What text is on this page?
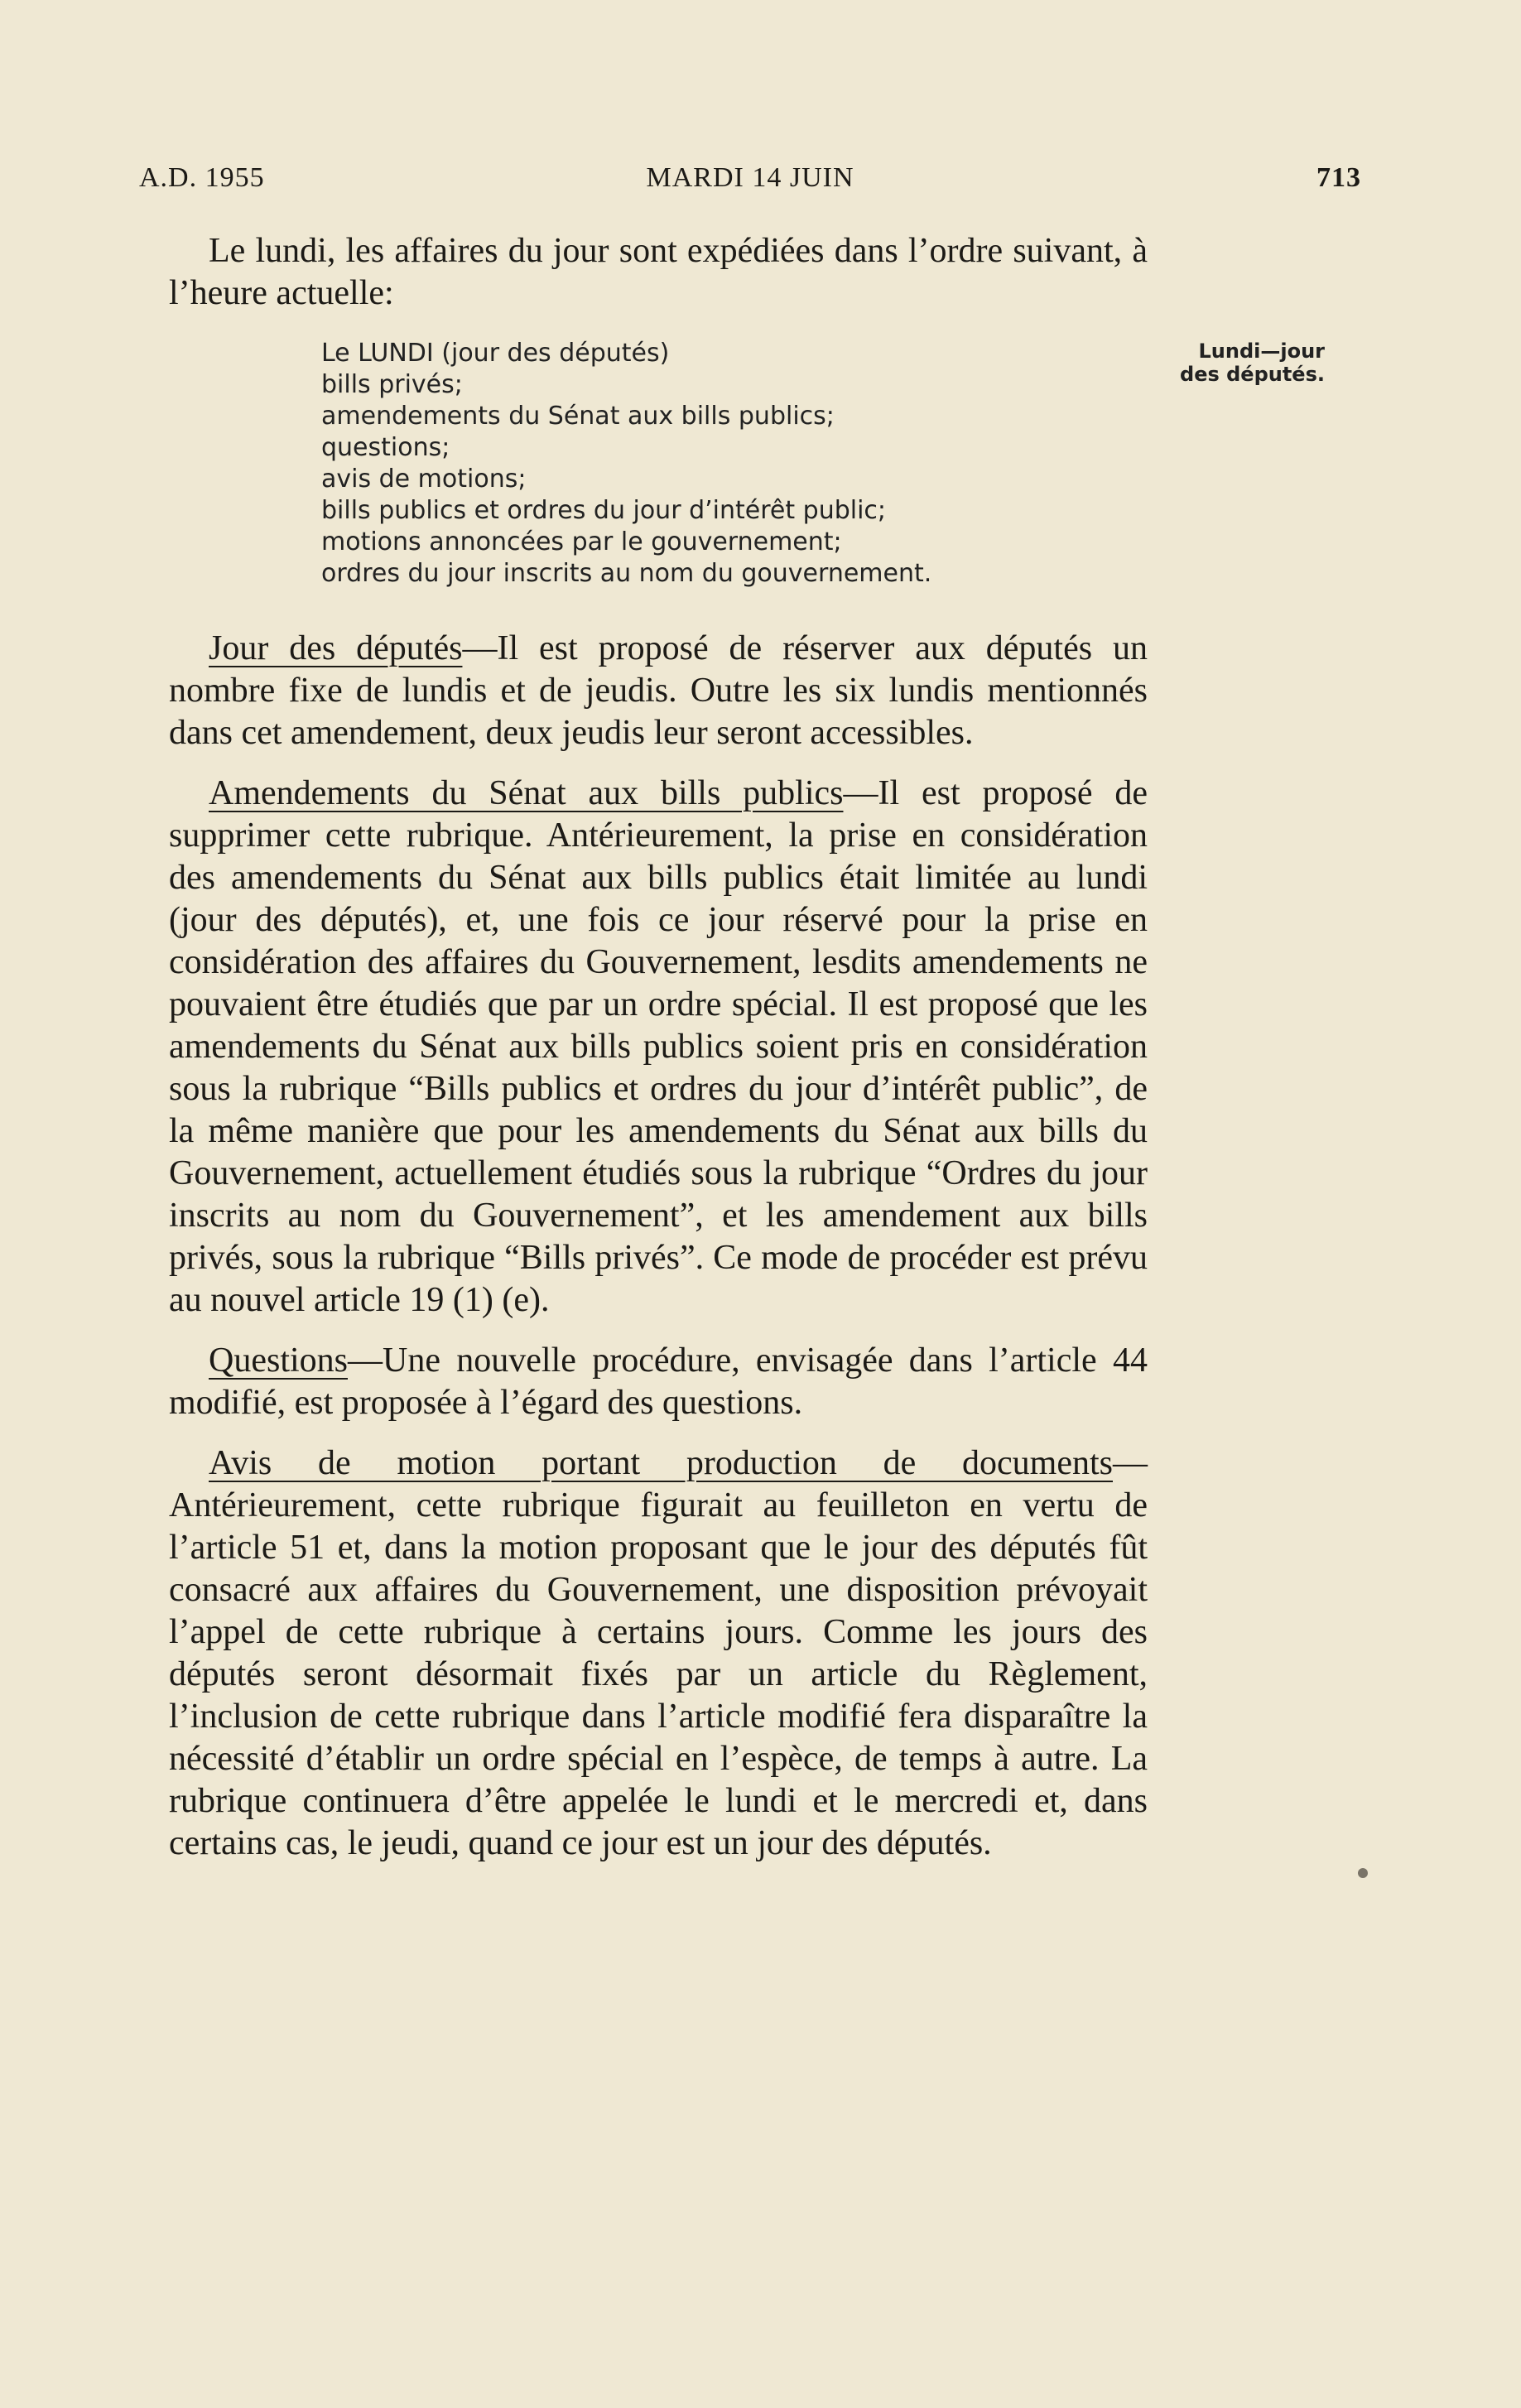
A.D. 1955	MARDI 14 JUIN	713

Le lundi, les affaires du jour sont expédiées dans l’ordre suivant, à l’heure actuelle:

Le LUNDI (jour des députés)
bills privés;
amendements du Sénat aux bills publics;
questions;
avis de motions;
bills publics et ordres du jour d’intérêt public;
motions annoncées par le gouvernement;
ordres du jour inscrits au nom du gouvernement.
Lundi—jour
des députés.

Jour des députés—Il est proposé de réserver aux députés un nombre fixe de lundis et de jeudis. Outre les six lundis mentionnés dans cet amendement, deux jeudis leur seront accessibles.

Amendements du Sénat aux bills publics—Il est proposé de supprimer cette rubrique. Antérieurement, la prise en considération des amendements du Sénat aux bills publics était limitée au lundi (jour des députés), et, une fois ce jour réservé pour la prise en considération des affaires du Gouvernement, lesdits amendements ne pouvaient être étudiés que par un ordre spécial. Il est proposé que les amendements du Sénat aux bills publics soient pris en considération sous la rubrique “Bills publics et ordres du jour d’intérêt public”, de la même manière que pour les amendements du Sénat aux bills du Gouvernement, actuellement étudiés sous la rubrique “Ordres du jour inscrits au nom du Gouvernement”, et les amendement aux bills privés, sous la rubrique “Bills privés”. Ce mode de procéder est prévu au nouvel article 19 (1) (e).

Questions—Une nouvelle procédure, envisagée dans l’article 44 modifié, est proposée à l’égard des questions.

Avis de motion portant production de documents—Antérieurement, cette rubrique figurait au feuilleton en vertu de l’article 51 et, dans la motion proposant que le jour des députés fût consacré aux affaires du Gouvernement, une disposition prévoyait l’appel de cette rubrique à certains jours. Comme les jours des députés seront désormait fixés par un article du Règlement, l’inclusion de cette rubrique dans l’article modifié fera disparaître la nécessité d’établir un ordre spécial en l’espèce, de temps à autre. La rubrique continuera d’être appelée le lundi et le mercredi et, dans certains cas, le jeudi, quand ce jour est un jour des députés.
